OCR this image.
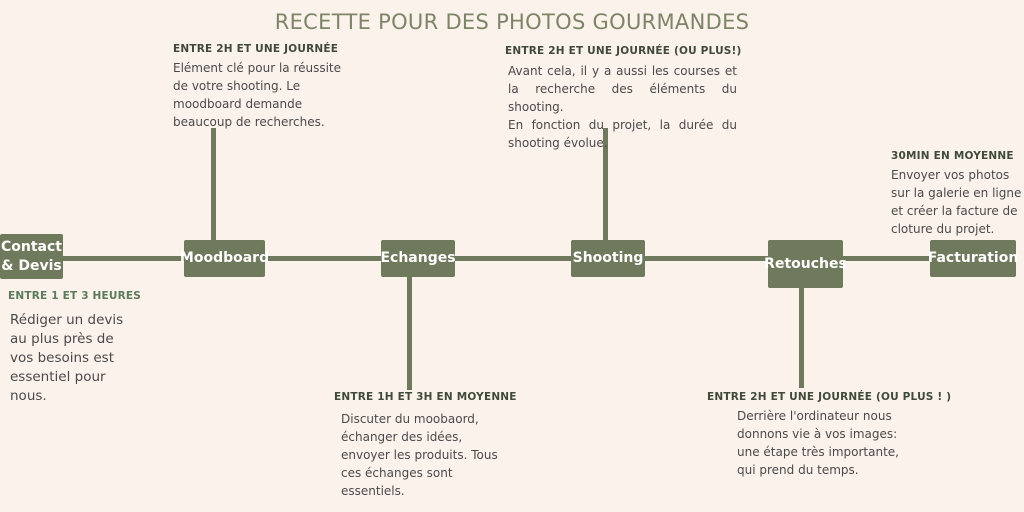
RECETTE POUR DES PHOTOS GOURMANDES
Contact
& Devis	Moodboard	Echanges	Shooting	Retouches	Facturation
ENTRE 1 ET 3 HEURES
Rédiger un devis
au plus près de
vos besoins est
essentiel pour
nous.
ENTRE 2H ET UNE JOURNÉE
Elément clé pour la réussite
de votre shooting. Le
moodboard demande
beaucoup de recherches.
ENTRE 1H ET 3H EN MOYENNE
Discuter du moobaord,
échanger des idées,
envoyer les produits. Tous
ces échanges sont
essentiels.
ENTRE 2H ET UNE JOURNÉE (OU PLUS!)
Avant cela, il y a aussi les courses et la recherche des éléments du shooting.
En fonction du projet, la durée du shooting évolue.
ENTRE 2H ET UNE JOURNÉE (OU PLUS ! )
Derrière l'ordinateur nous
donnons vie à vos images:
une étape très importante,
qui prend du temps.
30MIN EN MOYENNE
Envoyer vos photos
sur la galerie en ligne
et créer la facture de
cloture du projet.
